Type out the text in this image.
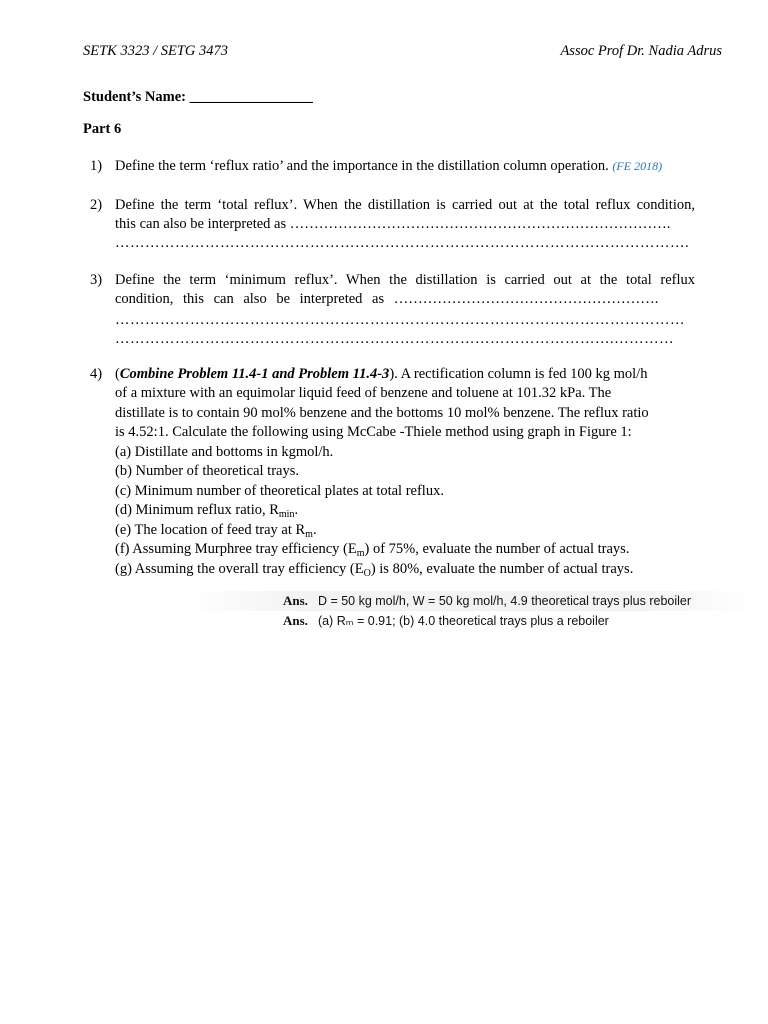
SETK 3323 / SETG 3473	Assoc Prof Dr. Nadia Adrus
Student’s Name: _________________
Part 6
1) Define the term ‘reflux ratio’ and the importance in the distillation column operation. (FE 2018)
2) Define the term ‘total reflux’. When the distillation is carried out at the total reflux condition,
this can also be interpreted as …………………………………………………………………….
…………………………………………………………………………………………………….
3) Define the term ‘minimum reflux’. When the distillation is carried out at the total reflux
condition, this can also be interpreted as ……………………………………………….
……………………………………………………………………………………………………
……………………………………………………………………………………….…………
4) (Combine Problem 11.4-1 and Problem 11.4-3). A rectification column is fed 100 kg mol/h
of a mixture with an equimolar liquid feed of benzene and toluene at 101.32 kPa. The
distillate is to contain 90 mol% benzene and the bottoms 10 mol% benzene. The reflux ratio
is 4.52:1. Calculate the following using McCabe -Thiele method using graph in Figure 1:
(a) Distillate and bottoms in kgmol/h.
(b) Number of theoretical trays.
(c) Minimum number of theoretical plates at total reflux.
(d) Minimum reflux ratio, $R_{min}$.
(e) The location of feed tray at $R_m$.
(f) Assuming Murphree tray efficiency $(E_m)$ of 75%, evaluate the number of actual trays.
(g) Assuming the overall tray efficiency $(E_O)$ is 80%, evaluate the number of actual trays.
Ans. D = 50 kg mol/h, W = 50 kg mol/h, 4.9 theoretical trays plus reboiler
Ans. (a) Rₘ = 0.91; (b) 4.0 theoretical trays plus a reboiler
